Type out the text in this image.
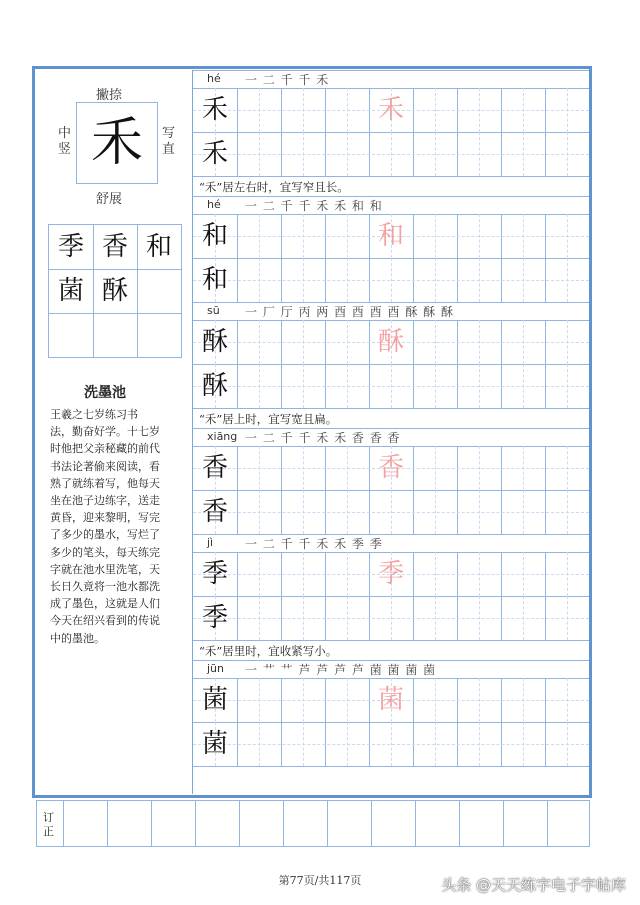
撇捺
中竖
写直
禾
舒展
季 香 和
菌 酥
洗墨池

王羲之七岁练习书

法，勤奋好学。十七岁

时他把父亲秘藏的前代

书法论著偷来阅读，看

熟了就练着写，他每天

坐在池子边练字，送走

黄昏，迎来黎明，写完

了多少的墨水，写烂了

多少的笔头，每天练完

字就在池水里洗笔，天

长日久竟将一池水都洗

成了墨色，这就是人们

今天在绍兴看到的传说

中的墨池。

hé 一 二 千 千 禾
禾	禾
禾
“禾”居左右时，宜写窄且长。
hé 一 二 千 千 禾 禾 和 和
和	和
和
sū 一 厂 厅 丙 两 酉 酉 酉 酉 酥 酥 酥
酥	酥
酥
“禾”居上时，宜写宽且扁。
xiāng 一 二 千 千 禾 禾 香 香 香
香	香
香
jì	一 二 千 千 禾 禾 季 季
季	季
季
“禾”居里时，宜收紧写小。
jūn 一 艹 艹 芦 芦 芦 芦 菌 菌 菌 菌
菌	菌
菌
订正
第77页/共117页	头条 @天天练字电子字帖库
